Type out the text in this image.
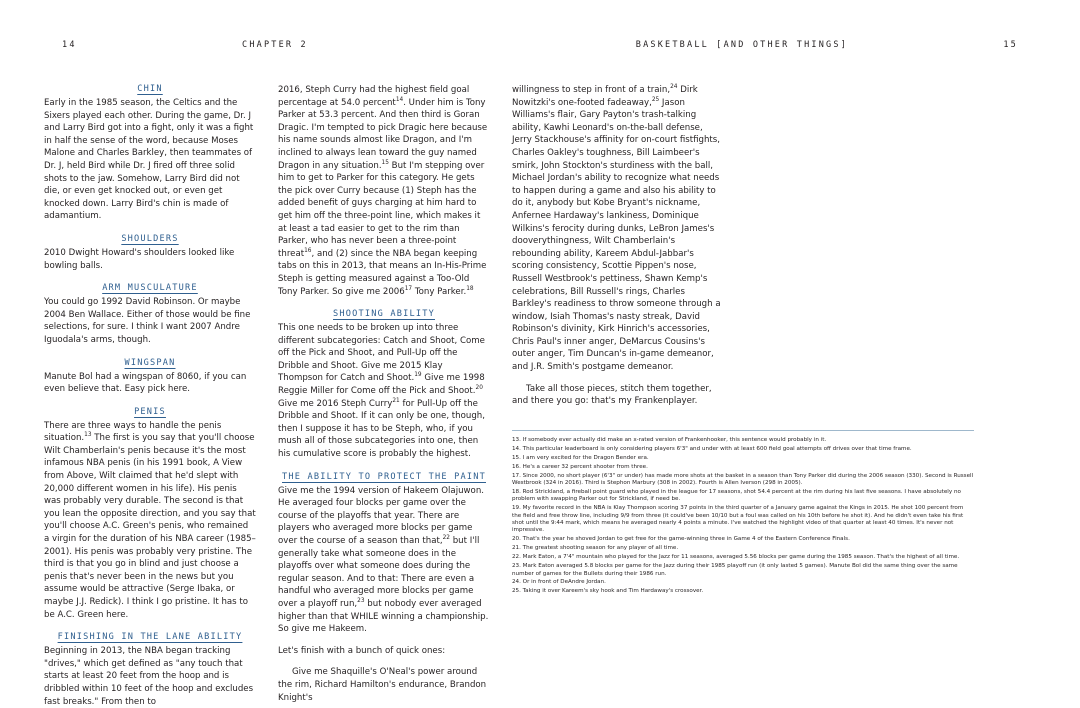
14	CHAPTER 2	BASKETBALL [AND OTHER THINGS]	15
CHIN

Early in the 1985 season, the Celtics and the Sixers played each other. During the game, Dr. J and Larry Bird got into a fight, only it was a fight in half the sense of the word, because Moses Malone and Charles Barkley, then teammates of Dr. J, held Bird while Dr. J fired off three solid shots to the jaw. Somehow, Larry Bird did not die, or even get knocked out, or even get knocked down. Larry Bird's chin is made of adamantium.

SHOULDERS

2010 Dwight Howard's shoulders looked like bowling balls.

ARM MUSCULATURE

You could go 1992 David Robinson. Or maybe 2004 Ben Wallace. Either of those would be fine selections, for sure. I think I want 2007 Andre Iguodala's arms, though.

WINGSPAN

Manute Bol had a wingspan of 8060, if you can even believe that. Easy pick here.

PENIS

There are three ways to handle the penis situation.$^{13}$ The first is you say that you'll choose Wilt Chamberlain's penis because it's the most infamous NBA penis (in his 1991 book, A View from Above, Wilt claimed that he'd slept with 20,000 different women in his life). His penis was probably very durable. The second is that you lean the opposite direction, and you say that you'll choose A.C. Green's penis, who remained a virgin for the duration of his NBA career (1985–2001). His penis was probably very pristine. The third is that you go in blind and just choose a penis that's never been in the news but you assume would be attractive (Serge Ibaka, or maybe J.J. Redick). I think I go pristine. It has to be A.C. Green here.

FINISHING IN THE LANE ABILITY

Beginning in 2013, the NBA began tracking "drives," which get defined as "any touch that starts at least 20 feet from the hoop and is dribbled within 10 feet of the hoop and excludes fast breaks." From then to

2016, Steph Curry had the highest field goal percentage at 54.0 percent$^{14}$. Under him is Tony Parker at 53.3 percent. And then third is Goran Dragic. I'm tempted to pick Dragic here because his name sounds almost like Dragon, and I'm inclined to always lean toward the guy named Dragon in any situation.$^{15}$ But I'm stepping over him to get to Parker for this category. He gets the pick over Curry because (1) Steph has the added benefit of guys charging at him hard to get him off the three-point line, which makes it at least a tad easier to get to the rim than Parker, who has never been a three-point threat$^{16}$, and (2) since the NBA began keeping tabs on this in 2013, that means an In-His-Prime Steph is getting measured against a Too-Old Tony Parker. So give me 2006$^{17}$ Tony Parker.$^{18}$

SHOOTING ABILITY

This one needs to be broken up into three different subcategories: Catch and Shoot, Come off the Pick and Shoot, and Pull-Up off the Dribble and Shoot. Give me 2015 Klay Thompson for Catch and Shoot.$^{19}$ Give me 1998 Reggie Miller for Come off the Pick and Shoot.$^{20}$ Give me 2016 Steph Curry$^{21}$ for Pull-Up off the Dribble and Shoot. If it can only be one, though, then I suppose it has to be Steph, who, if you mush all of those subcategories into one, then his cumulative score is probably the highest.

THE ABILITY TO PROTECT THE PAINT

Give me the 1994 version of Hakeem Olajuwon. He averaged four blocks per game over the course of the playoffs that year. There are players who averaged more blocks per game over the course of a season than that,$^{22}$ but I'll generally take what someone does in the playoffs over what someone does during the regular season. And to that: There are even a handful who averaged more blocks per game over a playoff run,$^{23}$ but nobody ever averaged higher than that WHILE winning a championship. So give me Hakeem.

Let's finish with a bunch of quick ones:

Give me Shaquille's O'Neal's power around the rim, Richard Hamilton's endurance, Brandon Knight's

willingness to step in front of a train,$^{24}$ Dirk Nowitzki's one-footed fadeaway,$^{25}$ Jason Williams's flair, Gary Payton's trash-talking ability, Kawhi Leonard's on-the-ball defense, Jerry Stackhouse's affinity for on-court fistfights, Charles Oakley's toughness, Bill Laimbeer's smirk, John Stockton's sturdiness with the ball, Michael Jordan's ability to recognize what needs to happen during a game and also his ability to do it, anybody but Kobe Bryant's nickname, Anfernee Hardaway's lankiness, Dominique Wilkins's ferocity during dunks, LeBron James's dooverythingness, Wilt Chamberlain's rebounding ability, Kareem Abdul-Jabbar's scoring consistency, Scottie Pippen's nose, Russell Westbrook's pettiness, Shawn Kemp's celebrations, Bill Russell's rings, Charles Barkley's readiness to throw someone through a window, Isiah Thomas's nasty streak, David Robinson's divinity, Kirk Hinrich's accessories, Chris Paul's inner anger, DeMarcus Cousins's outer anger, Tim Duncan's in-game demeanor, and J.R. Smith's postgame demeanor.

Take all those pieces, stitch them together, and there you go: that's my Frankenplayer.

13. If somebody ever actually did make an x-rated version of Frankenhooker, this sentence would probably in it.

14. This particular leaderboard is only considering players 6'3" and under with at least 600 field goal attempts off drives over that time frame.

15. I am very excited for the Dragon Bender era.

16. He's a career 32 percent shooter from three.

17. Since 2000, no short player (6'3" or under) has made more shots at the basket in a season than Tony Parker did during the 2006 season (330). Second is Russell Westbrook (324 in 2016). Third is Stephon Marbury (308 in 2002). Fourth is Allen Iverson (298 in 2005).

18. Rod Strickland, a fireball point guard who played in the league for 17 seasons, shot 54.4 percent at the rim during his last five seasons. I have absolutely no problem with swapping Parker out for Strickland, if need be.

19. My favorite record in the NBA is Klay Thompson scoring 37 points in the third quarter of a January game against the Kings in 2015. He shot 100 percent from the field and free throw line, including 9/9 from three (it could've been 10/10 but a foul was called on his 10th before he shot it). And he didn't even take his first shot until the 9:44 mark, which means he averaged nearly 4 points a minute. I've watched the highlight video of that quarter at least 40 times. It's never not impressive.

20. That's the year he shoved Jordan to get free for the game-winning three in Game 4 of the Eastern Conference Finals.

21. The greatest shooting season for any player of all time.

22. Mark Eaton, a 7'4" mountain who played for the Jazz for 11 seasons, averaged 5.56 blocks per game during the 1985 season. That's the highest of all time.

23. Mark Eaton averaged 5.8 blocks per game for the Jazz during their 1985 playoff run (it only lasted 5 games). Manute Bol did the same thing over the same number of games for the Bullets during their 1986 run.

24. Or in front of DeAndre Jordan.

25. Taking it over Kareem's sky hook and Tim Hardaway's crossover.
